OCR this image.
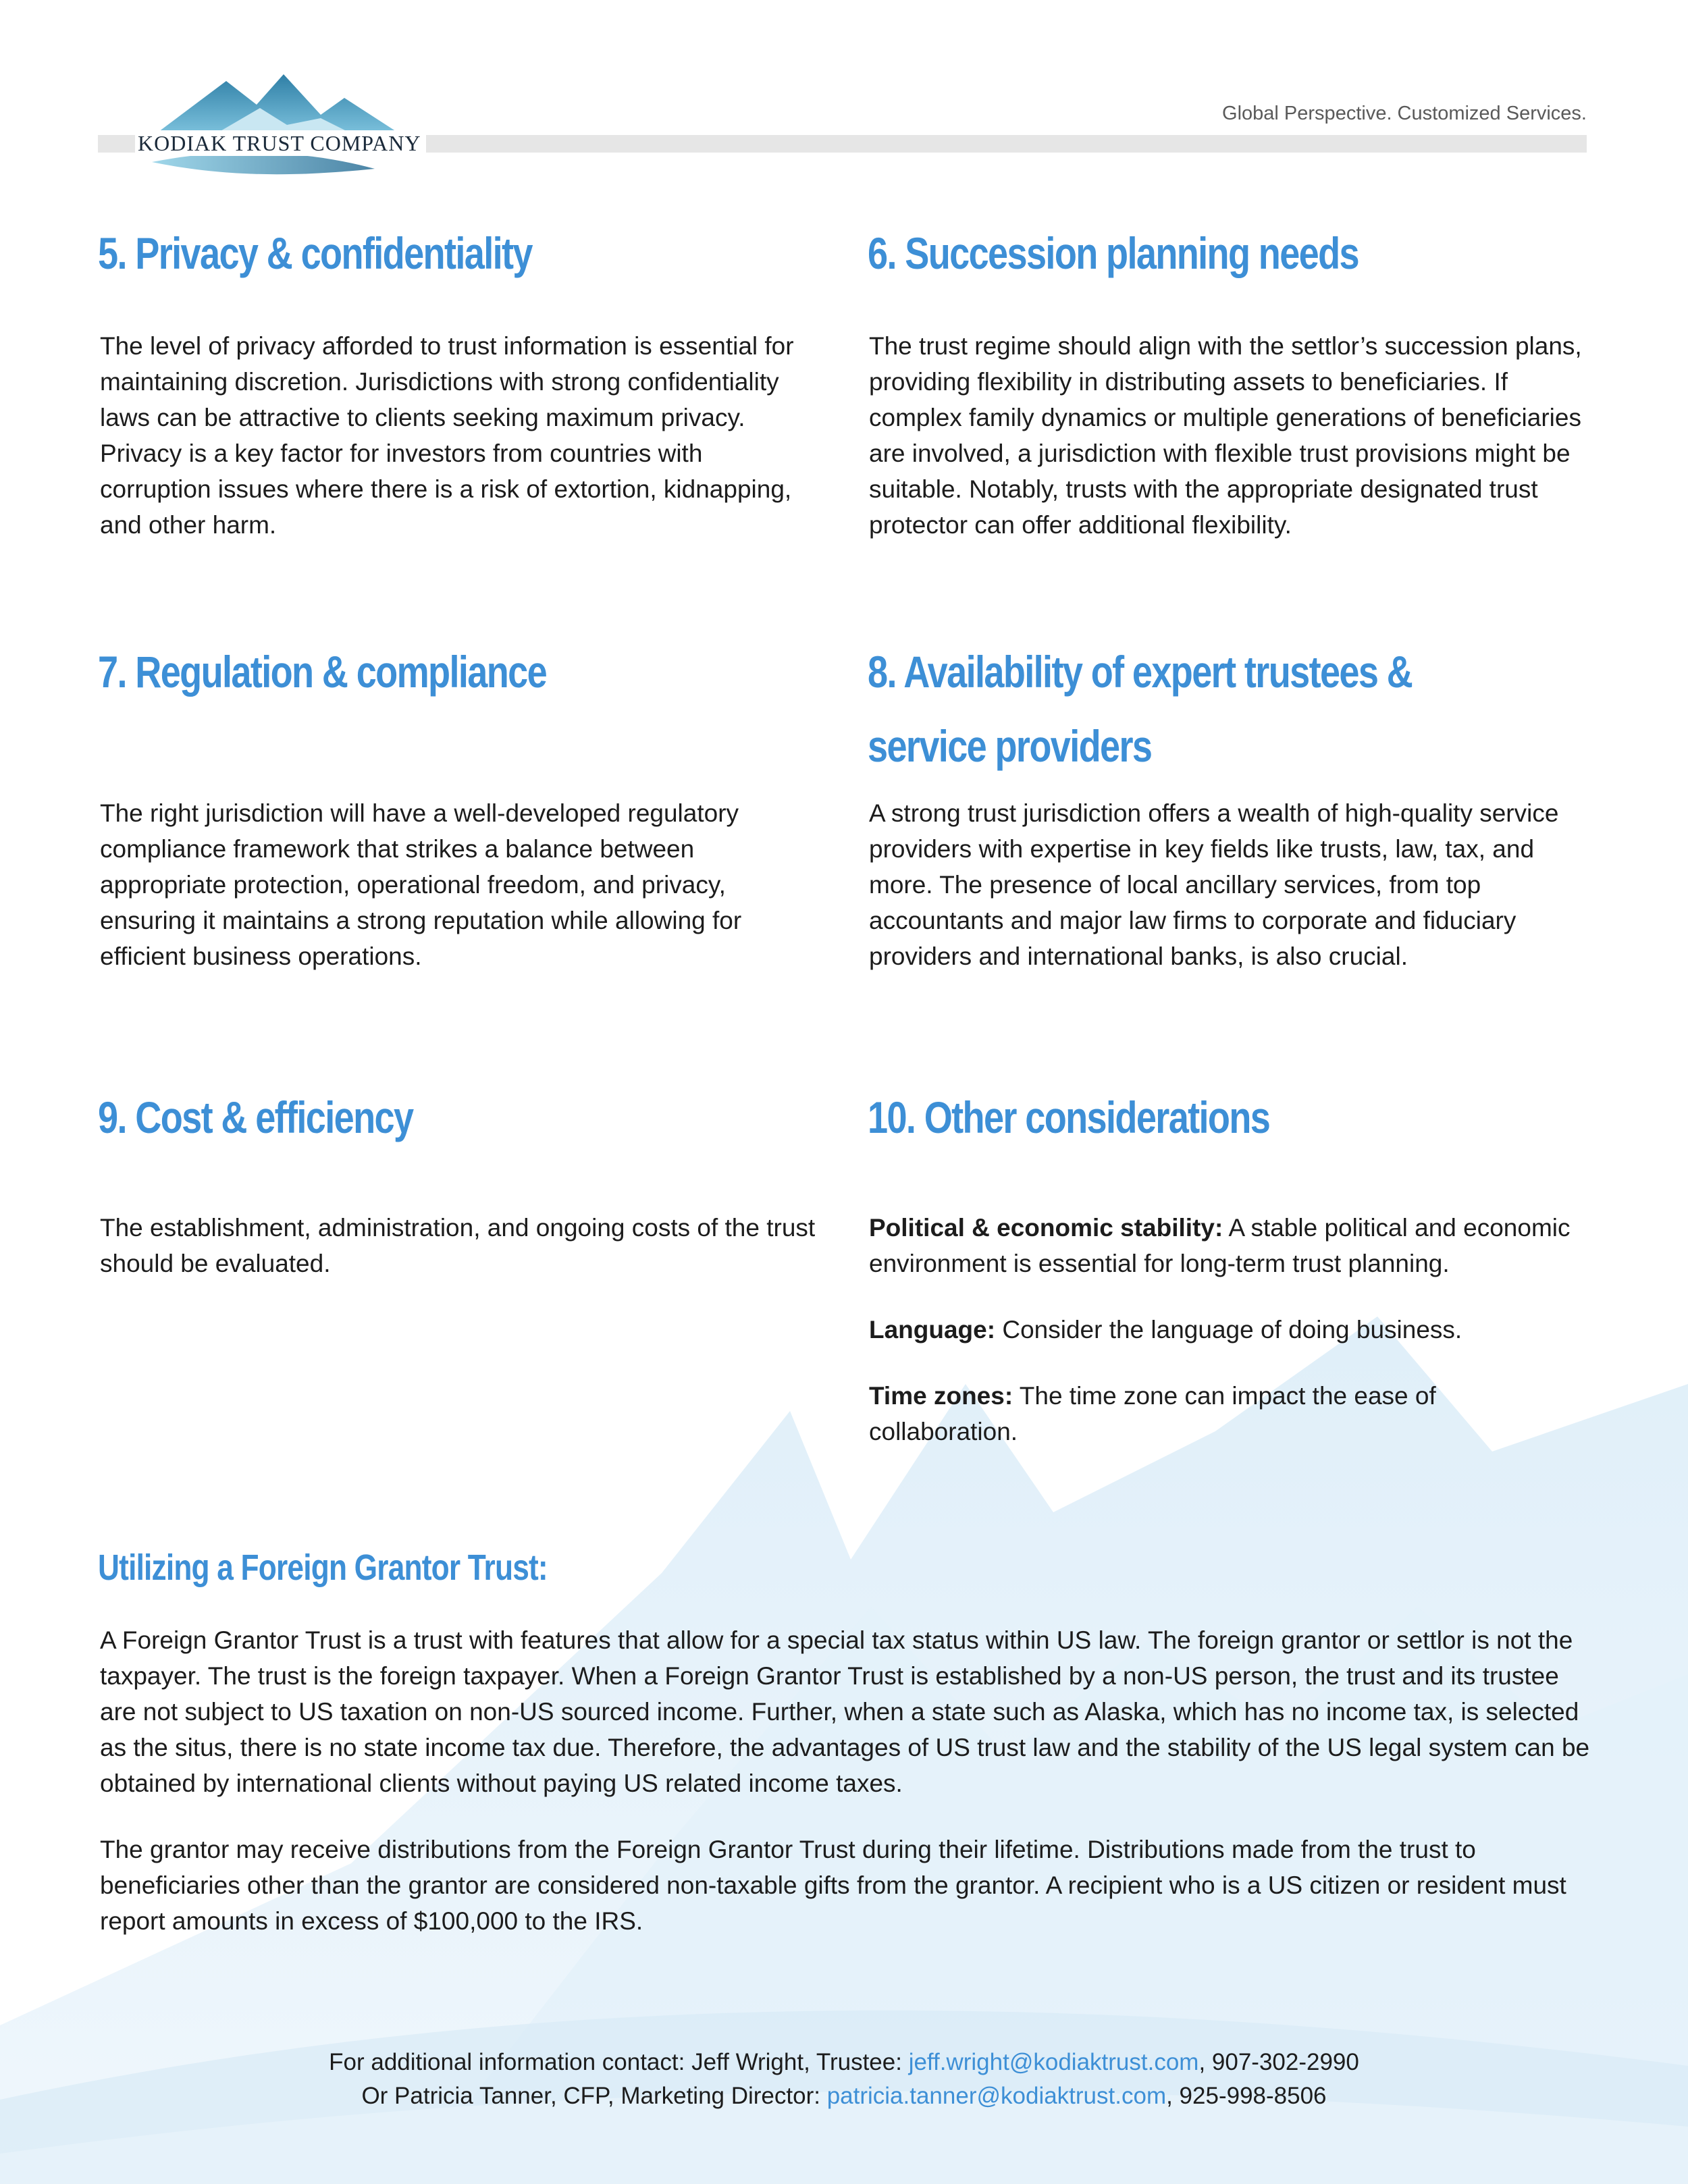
KODIAK TRUST COMPANY
Global Perspective. Customized Services.
5. Privacy & confidentiality
The level of privacy afforded to trust information is essential for maintaining discretion. Jurisdictions with strong confidentiality laws can be attractive to clients seeking maximum privacy. Privacy is a key factor for investors from countries with corruption issues where there is a risk of extortion, kidnapping, and other harm.
6. Succession planning needs
The trust regime should align with the settlor’s succession plans, providing flexibility in distributing assets to beneficiaries. If complex family dynamics or multiple generations of beneficiaries are involved, a jurisdiction with flexible trust provisions might be suitable. Notably, trusts with the appropriate designated trust protector can offer additional flexibility.
7. Regulation & compliance
The right jurisdiction will have a well-developed regulatory compliance framework that strikes a balance between appropriate protection, operational freedom, and privacy, ensuring it maintains a strong reputation while allowing for efficient business operations.
8. Availability of expert trustees &
service providers
A strong trust jurisdiction offers a wealth of high-quality service providers with expertise in key fields like trusts, law, tax, and more. The presence of local ancillary services, from top accountants and major law firms to corporate and fiduciary providers and international banks, is also crucial.
9. Cost & efficiency
The establishment, administration, and ongoing costs of the trust should be evaluated.
10. Other considerations

Political & economic stability: A stable political and economic environment is essential for long-term trust planning.

Language: Consider the language of doing business.

Time zones: The time zone can impact the ease of collaboration.

Utilizing a Foreign Grantor Trust:

A Foreign Grantor Trust is a trust with features that allow for a special tax status within US law. The foreign grantor or settlor is not the taxpayer. The trust is the foreign taxpayer. When a Foreign Grantor Trust is established by a non-US person, the trust and its trustee are not subject to US taxation on non-US sourced income. Further, when a state such as Alaska, which has no income tax, is selected as the situs, there is no state income tax due. Therefore, the advantages of US trust law and the stability of the US legal system can be obtained by international clients without paying US related income taxes.

The grantor may receive distributions from the Foreign Grantor Trust during their lifetime. Distributions made from the trust to beneficiaries other than the grantor are considered non-taxable gifts from the grantor. A recipient who is a US citizen or resident must report amounts in excess of $100,000 to the IRS.

For additional information contact: Jeff Wright, Trustee: jeff.wright@kodiaktrust.com, 907-302-2990
Or Patricia Tanner, CFP, Marketing Director: patricia.tanner@kodiaktrust.com, 925-998-8506
